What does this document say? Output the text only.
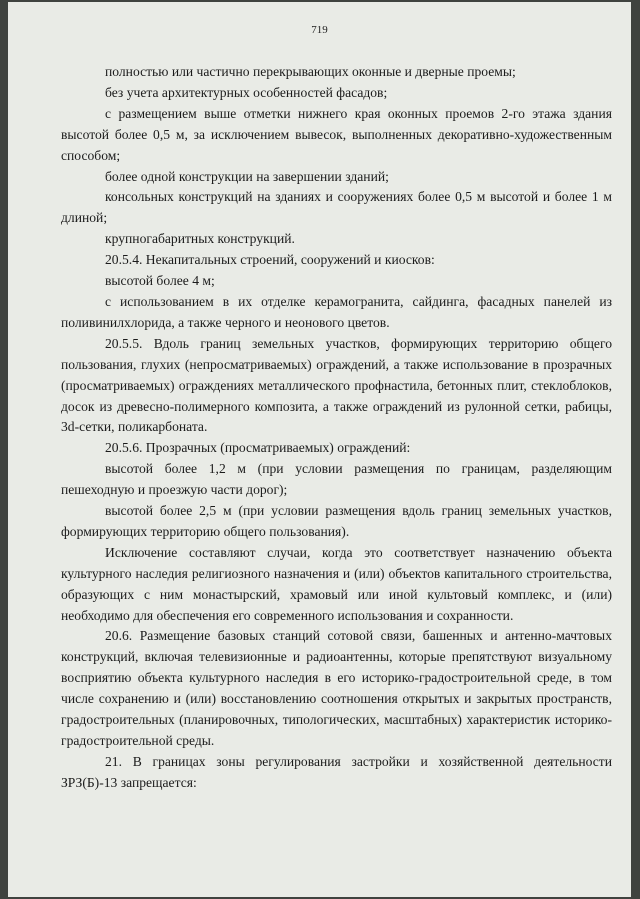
719

полностью или частично перекрывающих оконные и дверные проемы;

без учета архитектурных особенностей фасадов;

с размещением выше отметки нижнего края оконных проемов 2-го этажа здания высотой более 0,5 м, за исключением вывесок, выполненных декоративно-художественным способом;

более одной конструкции на завершении зданий;

консольных конструкций на зданиях и сооружениях более 0,5 м высотой и более 1 м длиной;

крупногабаритных конструкций.

20.5.4. Некапитальных строений, сооружений и киосков:

высотой более 4 м;

с использованием в их отделке керамогранита, сайдинга, фасадных панелей из поливинилхлорида, а также черного и неонового цветов.

20.5.5. Вдоль границ земельных участков, формирующих территорию общего пользования, глухих (непросматриваемых) ограждений, а также использование в прозрачных (просматриваемых) ограждениях металлического профнастила, бетонных плит, стеклоблоков, досок из древесно-полимерного композита, а также ограждений из рулонной сетки, рабицы, 3d-сетки, поликарбоната.

20.5.6. Прозрачных (просматриваемых) ограждений:

высотой более 1,2 м (при условии размещения по границам, разделяющим пешеходную и проезжую части дорог);

высотой более 2,5 м (при условии размещения вдоль границ земельных участков, формирующих территорию общего пользования).

Исключение составляют случаи, когда это соответствует назначению объекта культурного наследия религиозного назначения и (или) объектов капитального строительства, образующих с ним монастырский, храмовый или иной культовый комплекс, и (или) необходимо для обеспечения его современного использования и сохранности.

20.6. Размещение базовых станций сотовой связи, башенных и антенно-мачтовых конструкций, включая телевизионные и радиоантенны, которые препятствуют визуальному восприятию объекта культурного наследия в его историко-градостроительной среде, в том числе сохранению и (или) восстановлению соотношения открытых и закрытых пространств, градостроительных (планировочных, типологических, масштабных) характеристик историко-градостроительной среды.

21. В границах зоны регулирования застройки и хозяйственной деятельности ЗРЗ(Б)-13 запрещается:
